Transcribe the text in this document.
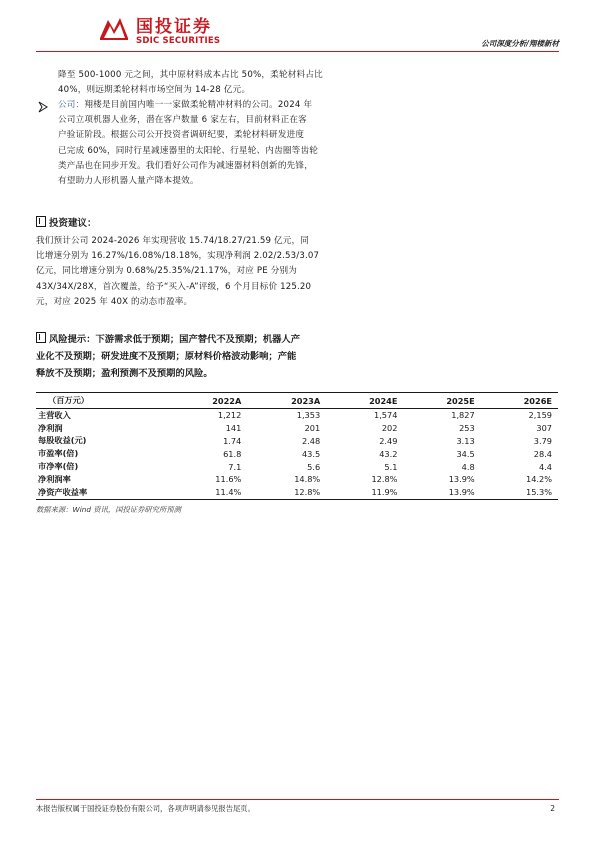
国投证券
SDIC SECURITIES	公司深度分析/翔楼新材
降至 500-1000 元之间，其中原材料成本占比 50%，柔轮材料占比
40%，则远期柔轮材料市场空间为 14-28 亿元。
公司：翔楼是目前国内唯一一家做柔轮精冲材料的公司。2024 年
公司立项机器人业务，潜在客户数量 6 家左右，目前材料正在客
户验证阶段。根据公司公开投资者调研纪要，柔轮材料研发进度
已完成 60%，同时行星减速器里的太阳轮、行星轮、内齿圈等齿轮
类产品也在同步开发。我们看好公司作为减速器材料创新的先锋，
有望助力人形机器人量产降本提效。
投资建议：
我们预计公司 2024-2026 年实现营收 15.74/18.27/21.59 亿元，同
比增速分别为 16.27%/16.08%/18.18%，实现净利润 2.02/2.53/3.07
亿元，同比增速分别为 0.68%/25.35%/21.17%，对应 PE 分别为
43X/34X/28X，首次覆盖，给予“买入-A”评级，6 个月目标价 125.20
元，对应 2025 年 40X 的动态市盈率。
风险提示：下游需求低于预期；国产替代不及预期；机器人产
业化不及预期；研发进度不及预期；原材料价格波动影响；产能
释放不及预期；盈利预测不及预期的风险。
（百万元）	2022A	2023A	2024E	2025E	2026E
主营收入	1,212	1,353	1,574	1,827	2,159
净利润	141	201	202	253	307
每股收益(元)	1.74	2.48	2.49	3.13	3.79
市盈率(倍)	61.8	43.5	43.2	34.5	28.4
市净率(倍)	7.1	5.6	5.1	4.8	4.4
净利润率	11.6%	14.8%	12.8%	13.9%	14.2%
净资产收益率	11.4%	12.8%	11.9%	13.9%	15.3%
数据来源：Wind 资讯，国投证券研究所预测
本报告版权属于国投证券股份有限公司，各项声明请参见报告尾页。	2
